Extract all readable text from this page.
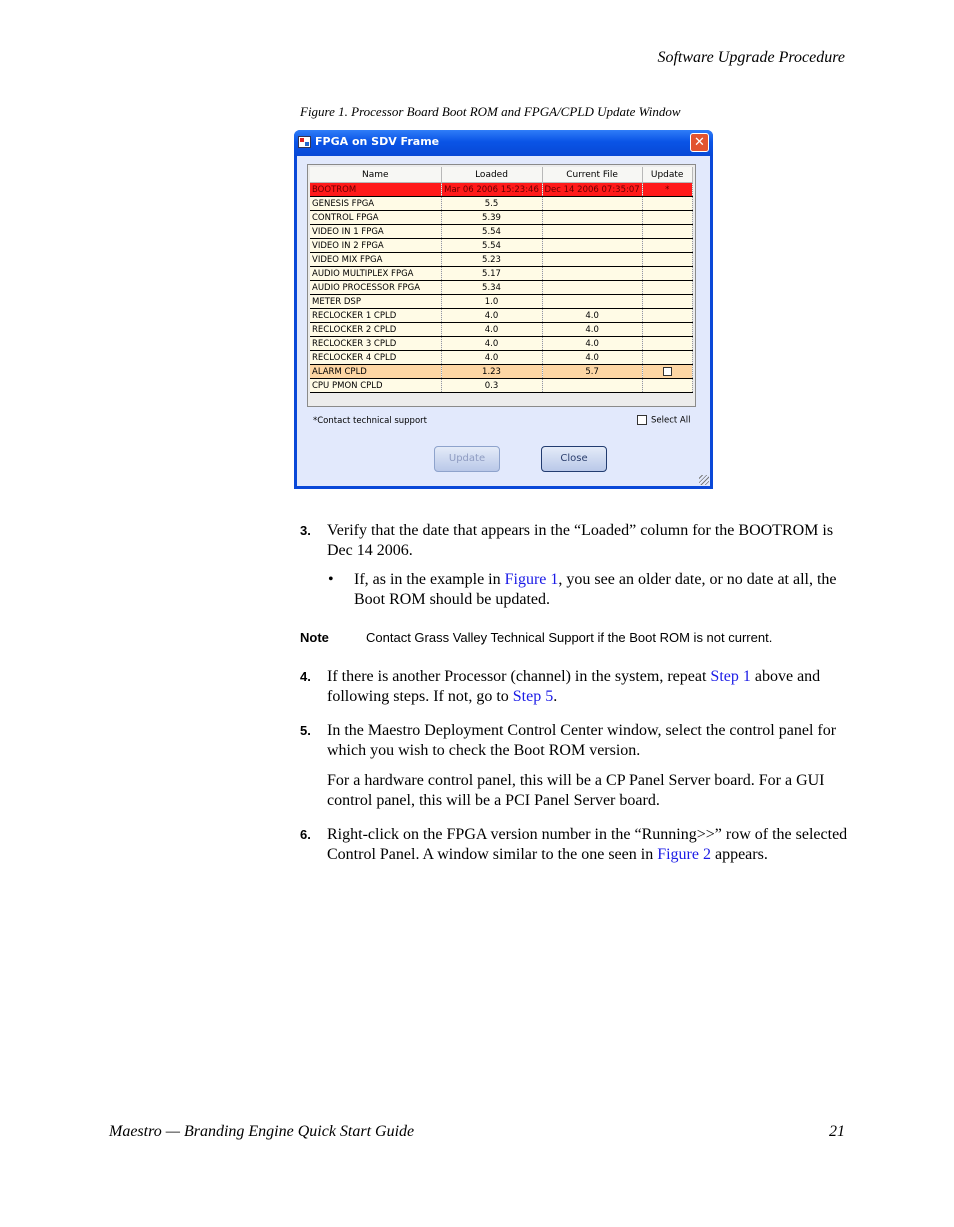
Software Upgrade Procedure
Figure 1. Processor Board Boot ROM and FPGA/CPLD Update Window
FPGA on SDV Frame	✕
Name	Loaded	Current File	Update
BOOTROM	Mar 06 2006 15:23:46	Dec 14 2006 07:35:07	*
GENESIS FPGA	5.5		
CONTROL FPGA	5.39		
VIDEO IN 1 FPGA	5.54		
VIDEO IN 2 FPGA	5.54		
VIDEO MIX FPGA	5.23		
AUDIO MULTIPLEX FPGA	5.17		
AUDIO PROCESSOR FPGA	5.34		
METER DSP	1.0		
RECLOCKER 1 CPLD	4.0	4.0	
RECLOCKER 2 CPLD	4.0	4.0	
RECLOCKER 3 CPLD	4.0	4.0	
RECLOCKER 4 CPLD	4.0	4.0	
ALARM CPLD	1.23	5.7	
CPU PMON CPLD	0.3		
*Contact technical support	Select All
Update	Close
3. Verify that the date that appears in the “Loaded” column for the BOOTROM is Dec 14 2006.

• If, as in the example in Figure 1, you see an older date, or no date at all, the Boot ROM should be updated.
Note	Contact Grass Valley Technical Support if the Boot ROM is not current.
4. If there is another Processor (channel) in the system, repeat Step 1 above and following steps. If not, go to Step 5.

5. In the Maestro Deployment Control Center window, select the control panel for which you wish to check the Boot ROM version.

For a hardware control panel, this will be a CP Panel Server board. For a GUI control panel, this will be a PCI Panel Server board.

6. Right-click on the FPGA version number in the “Running>>” row of the selected Control Panel. A window similar to the one seen in Figure 2 appears.

Maestro — Branding Engine Quick Start Guide	21
